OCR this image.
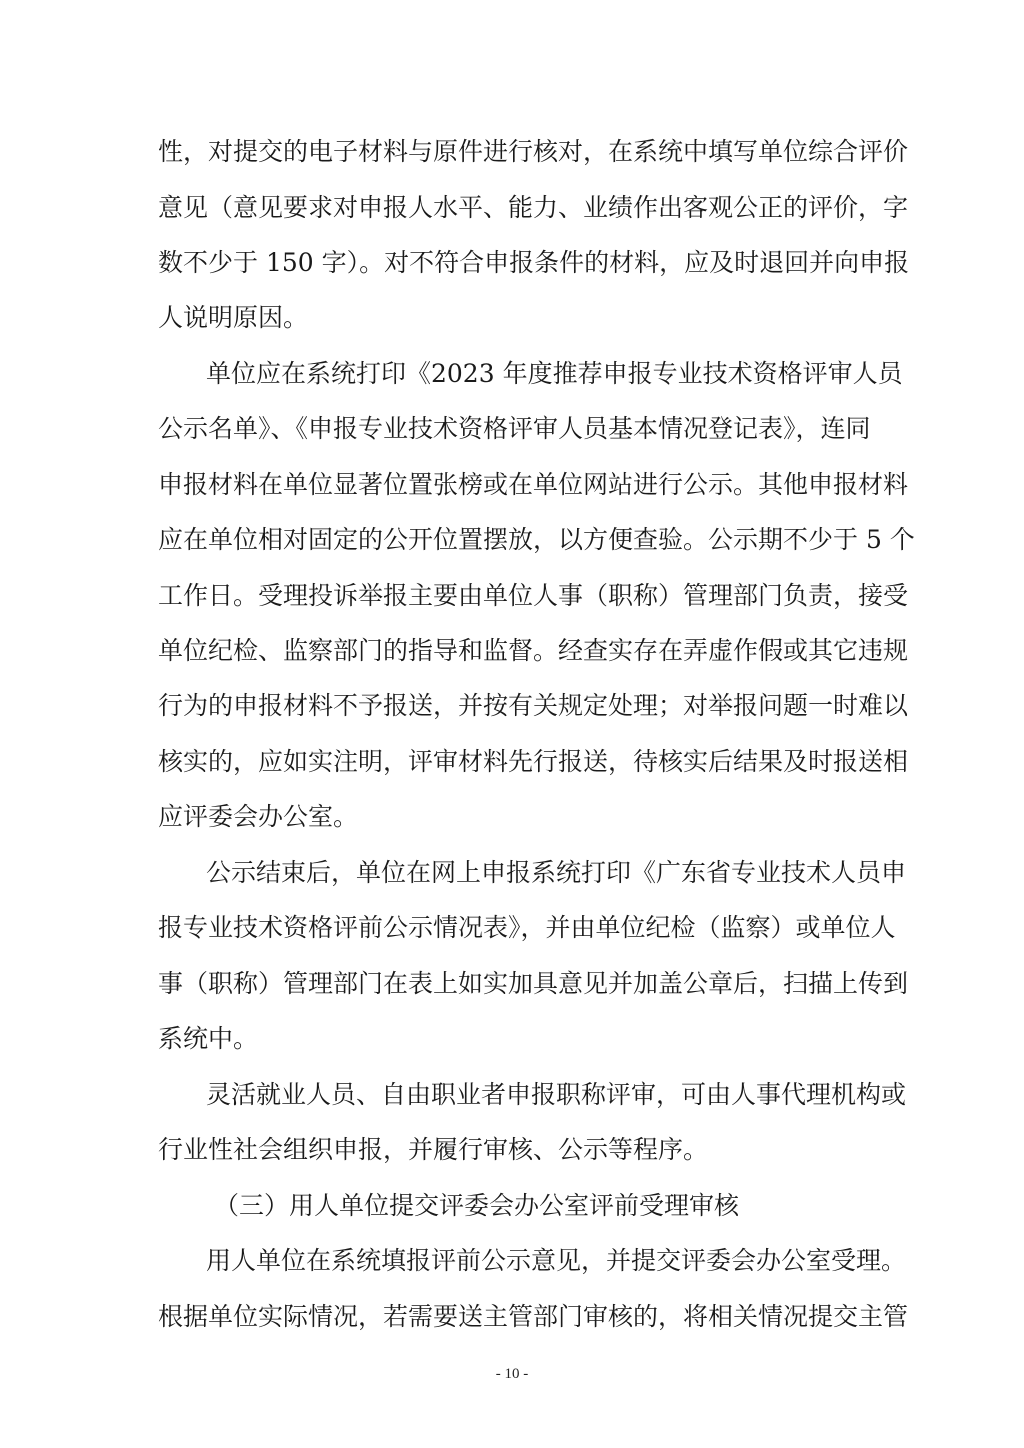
性，对提交的电子材料与原件进行核对，在系统中填写单位综合评价
意见（意见要求对申报人水平、能力、业绩作出客观公正的评价，字
数不少于 150 字）。对不符合申报条件的材料，应及时退回并向申报
人说明原因。
单位应在系统打印《2023 年度推荐申报专业技术资格评审人员
公示名单》、《申报专业技术资格评审人员基本情况登记表》，连同
申报材料在单位显著位置张榜或在单位网站进行公示。其他申报材料
应在单位相对固定的公开位置摆放，以方便查验。公示期不少于 5 个
工作日。受理投诉举报主要由单位人事（职称）管理部门负责，接受
单位纪检、监察部门的指导和监督。经查实存在弄虚作假或其它违规
行为的申报材料不予报送，并按有关规定处理；对举报问题一时难以
核实的，应如实注明，评审材料先行报送，待核实后结果及时报送相
应评委会办公室。
公示结束后，单位在网上申报系统打印《广东省专业技术人员申
报专业技术资格评前公示情况表》，并由单位纪检（监察）或单位人
事（职称）管理部门在表上如实加具意见并加盖公章后，扫描上传到
系统中。
灵活就业人员、自由职业者申报职称评审，可由人事代理机构或
行业性社会组织申报，并履行审核、公示等程序。
（三）用人单位提交评委会办公室评前受理审核
用人单位在系统填报评前公示意见，并提交评委会办公室受理。
根据单位实际情况，若需要送主管部门审核的，将相关情况提交主管
- 10 -
